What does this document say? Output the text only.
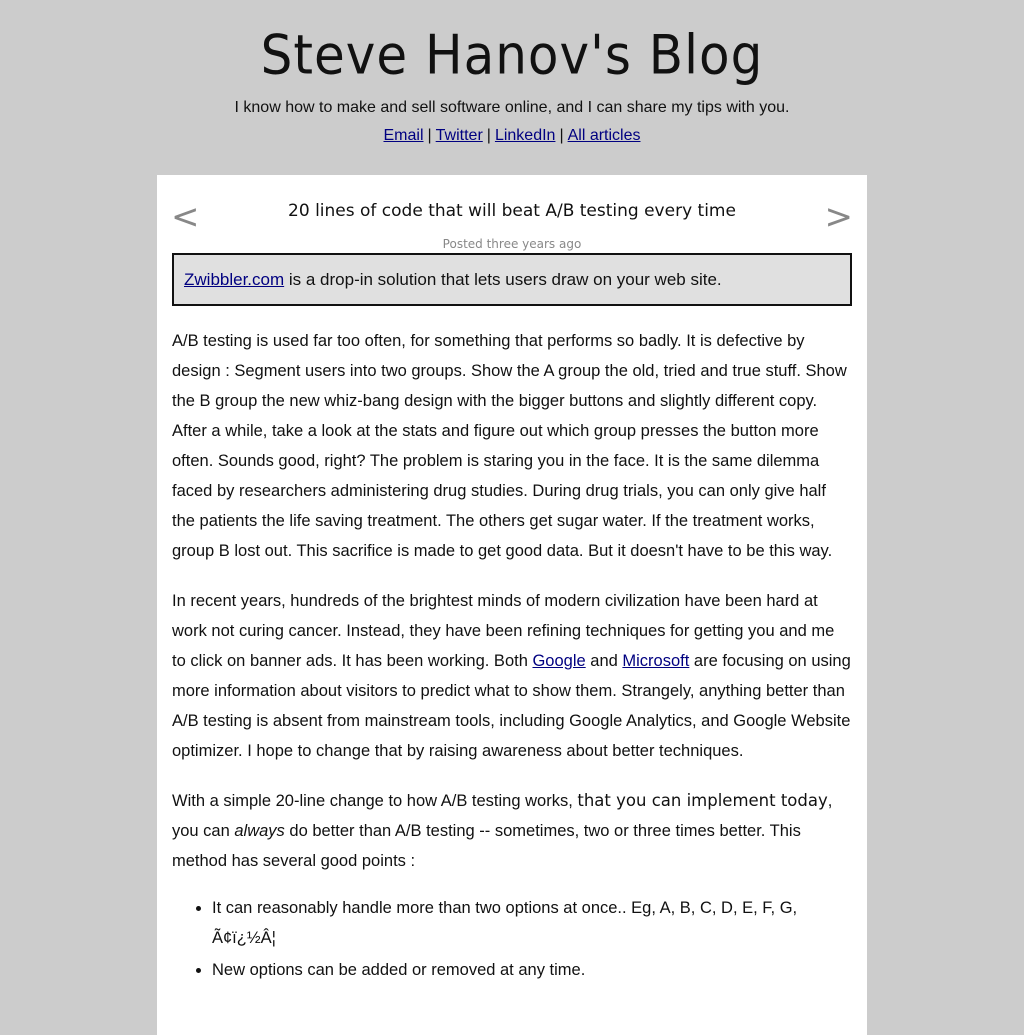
Steve Hanov's Blog
I know how to make and sell software online, and I can share my tips with you.
Email | Twitter | LinkedIn | All articles
<	20 lines of code that will beat A/B testing every time
Posted three years ago
>
Zwibbler.com is a drop-in solution that lets users draw on your web site.

A/B testing is used far too often, for something that performs so badly. It is defective by design : Segment users into two groups. Show the A group the old, tried and true stuff. Show the B group the new whiz-bang design with the bigger buttons and slightly different copy. After a while, take a look at the stats and figure out which group presses the button more often. Sounds good, right? The problem is staring you in the face. It is the same dilemma faced by researchers administering drug studies. During drug trials, you can only give half the patients the life saving treatment. The others get sugar water. If the treatment works, group B lost out. This sacrifice is made to get good data. But it doesn't have to be this way.

In recent years, hundreds of the brightest minds of modern civilization have been hard at work not curing cancer. Instead, they have been refining techniques for getting you and me to click on banner ads. It has been working. Both Google and Microsoft are focusing on using more information about visitors to predict what to show them. Strangely, anything better than A/B testing is absent from mainstream tools, including Google Analytics, and Google Website optimizer. I hope to change that by raising awareness about better techniques.

With a simple 20-line change to how A/B testing works, that you can implement today, you can always do better than A/B testing -- sometimes, two or three times better. This method has several good points :

• It can reasonably handle more than two options at once.. Eg, A, B, C, D, E, F, G, Ã¢ï¿½Â¦
• New options can be added or removed at any time.
